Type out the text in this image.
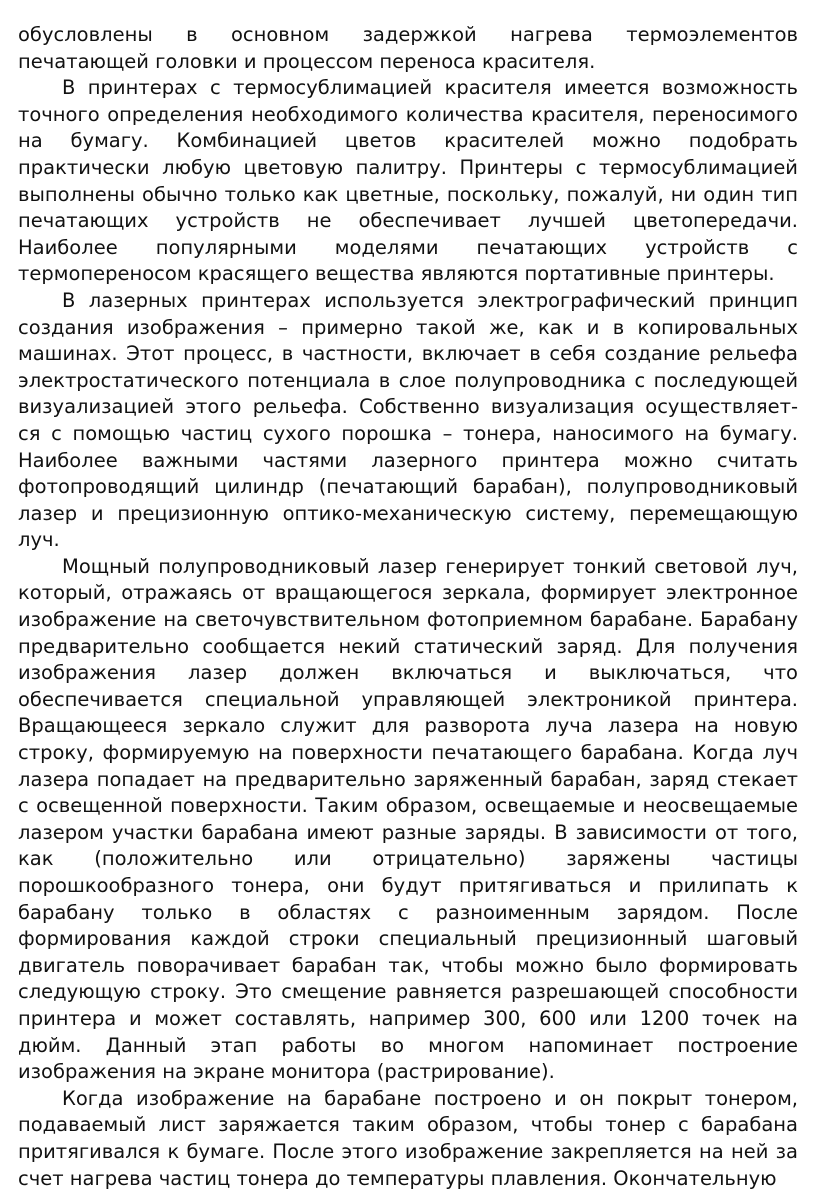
обусловлены в основном задержкой нагрева термоэлементов печатающей головки и процессом переноса красителя.

В принтерах с термосублимацией красителя имеется возможность точного определения необходимого количества красителя, переносимого на бумагу. Комбинацией цветов красителей можно подобрать практически любую цветовую палитру. Принтеры с термосублимацией выполнены обычно только как цветные, поскольку, пожалуй, ни один тип печатающих устройств не обеспечивает лучшей цветопередачи. Наиболее популярными моделями печатающих устройств с термопереносом красящего вещества являются портативные принтеры.

В лазерных принтерах используется электрографический принцип создания изображения – примерно такой же, как и в копировальных машинах. Этот процесс, в частности, включает в себя создание рельефа электростатического потенциала в слое полупроводника с последующей визуализацией этого рельефа. Собственно визуализация осуществляет- ся с помощью частиц сухого порошка – тонера, наносимого на бумагу. Наиболее важными частями лазерного принтера можно считать фотопроводящий цилиндр (печатающий барабан), полупроводниковый лазер и прецизионную оптико-механическую систему, перемещающую луч.

Мощный полупроводниковый лазер генерирует тонкий световой луч, который, отражаясь от вращающегося зеркала, формирует электронное изображение на светочувствительном фотоприемном барабане. Барабану предварительно сообщается некий статический заряд. Для получения изображения лазер должен включаться и выключаться, что обеспечивается специальной управляющей электроникой принтера. Вращающееся зеркало служит для разворота луча лазера на новую строку, формируемую на поверхности печатающего барабана. Когда луч лазера попадает на предварительно заряженный барабан, заряд стекает с освещенной поверхности. Таким образом, освещаемые и неосвещаемые лазером участки барабана имеют разные заряды. В зависимости от того, как (положительно или отрицательно) заряжены частицы порошкообразного тонера, они будут притягиваться и прилипать к барабану только в областях с разноименным зарядом. После формирования каждой строки специальный прецизионный шаговый двигатель поворачивает барабан так, чтобы можно было формировать следующую строку. Это смещение равняется разрешающей способности принтера и может составлять, например 300, 600 или 1200 точек на дюйм. Данный этап работы во многом напоминает построение изображения на экране монитора (растрирование).

Когда изображение на барабане построено и он покрыт тонером, подаваемый лист заряжается таким образом, чтобы тонер с барабана притягивался к бумаге. После этого изображение закрепляется на ней за счет нагрева частиц тонера до температуры плавления. Окончательную
